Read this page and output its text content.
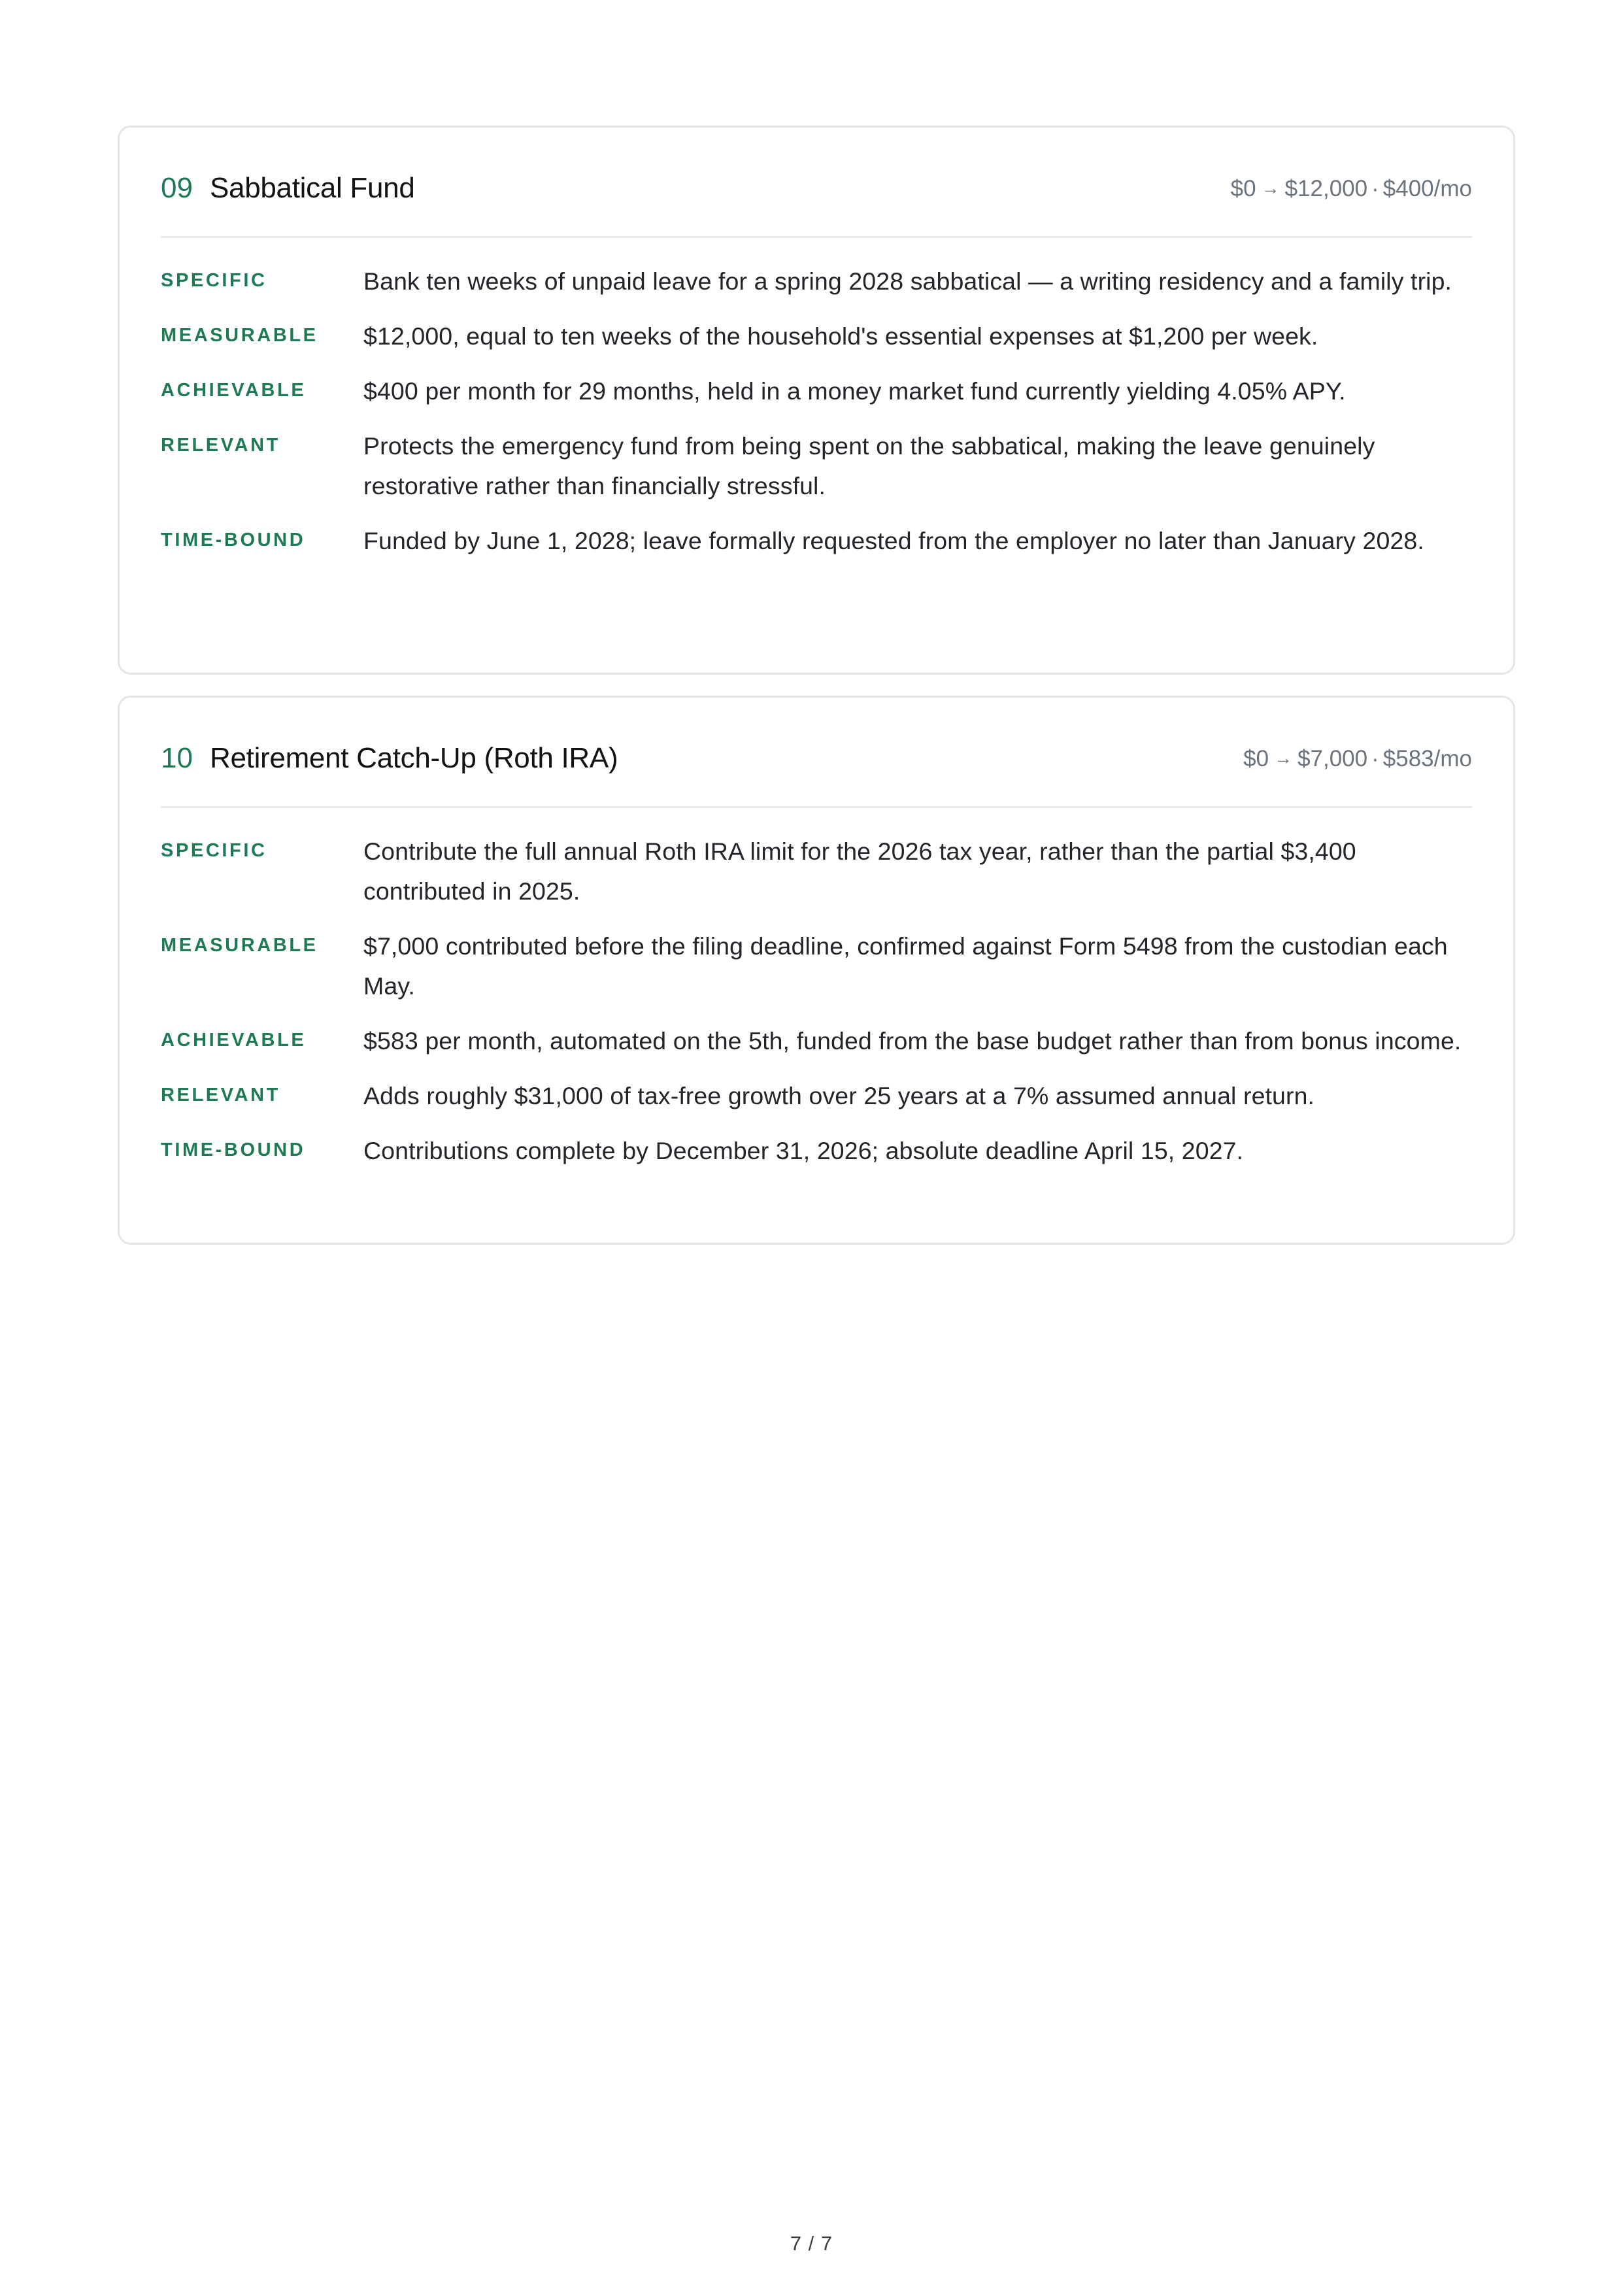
09 Sabbatical Fund	$0 → $12,000 · $400/mo
SPECIFIC	Bank ten weeks of unpaid leave for a spring 2028 sabbatical — a writing residency and a family trip.
MEASURABLE	$12,000, equal to ten weeks of the household's essential expenses at $1,200 per week.
ACHIEVABLE	$400 per month for 29 months, held in a money market fund currently yielding 4.05% APY.
RELEVANT	Protects the emergency fund from being spent on the sabbatical, making the leave genuinely restorative rather than financially stressful.
TIME-BOUND	Funded by June 1, 2028; leave formally requested from the employer no later than January 2028.
10 Retirement Catch-Up (Roth IRA)	$0 → $7,000 · $583/mo
SPECIFIC	Contribute the full annual Roth IRA limit for the 2026 tax year, rather than the partial $3,400 contributed in 2025.
MEASURABLE	$7,000 contributed before the filing deadline, confirmed against Form 5498 from the custodian each May.
ACHIEVABLE	$583 per month, automated on the 5th, funded from the base budget rather than from bonus income.
RELEVANT	Adds roughly $31,000 of tax-free growth over 25 years at a 7% assumed annual return.
TIME-BOUND	Contributions complete by December 31, 2026; absolute deadline April 15, 2027.
7 / 7
